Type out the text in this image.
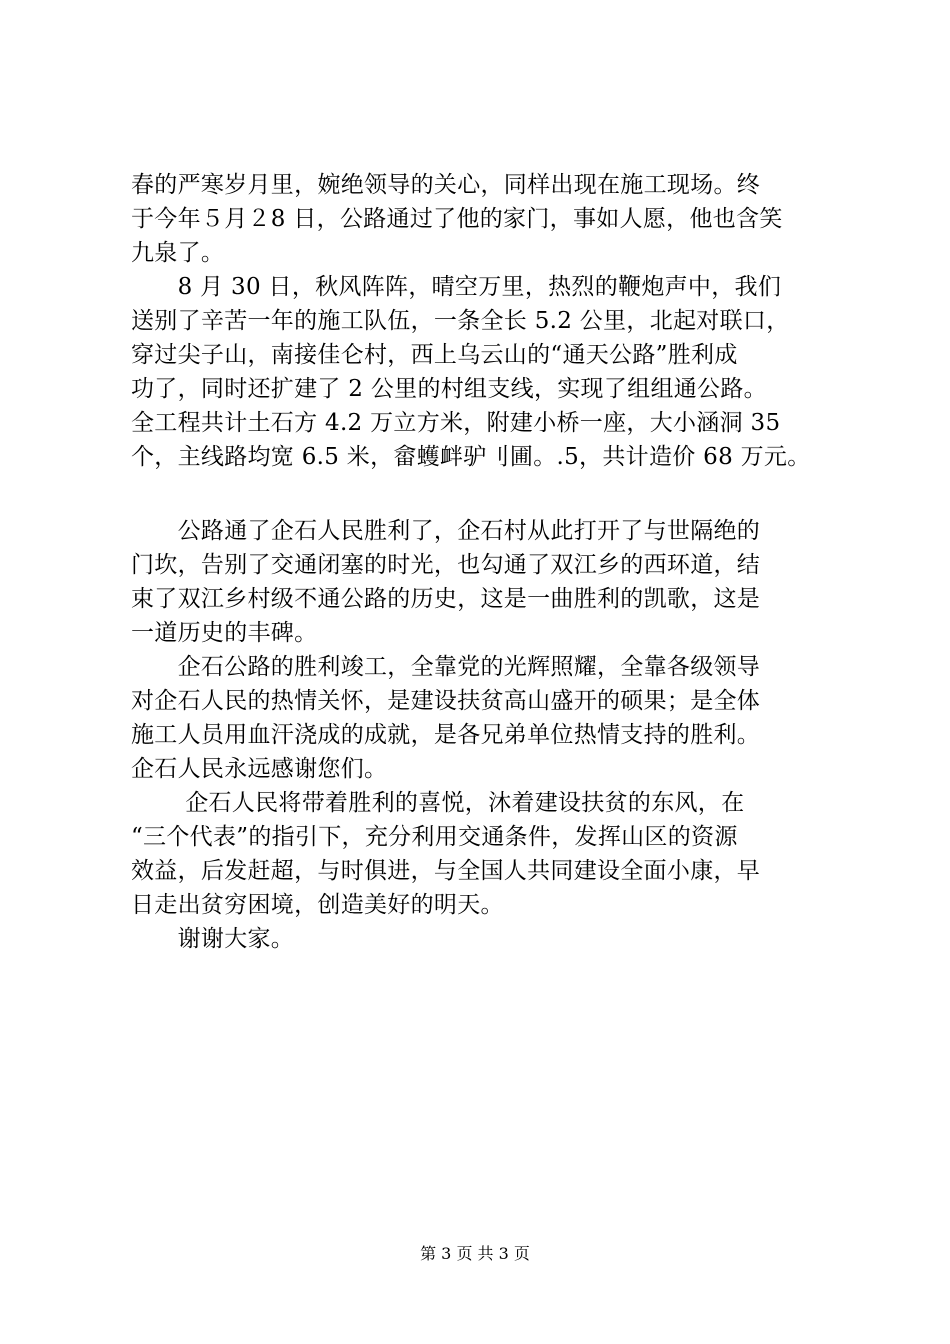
春的严寒岁月里，婉绝领导的关心，同样出现在施工现场。终
于今年５月２8 日，公路通过了他的家门，事如人愿，他也含笑
九泉了。
　　8 月 30 日，秋风阵阵，晴空万里，热烈的鞭炮声中，我们
送别了辛苦一年的施工队伍，一条全长 5.2 公里，北起对联口，
穿过尖子山，南接佳仑村，西上乌云山的“通天公路”胜利成
功了，同时还扩建了 2 公里的村组支线，实现了组组通公路。
全工程共计土石方 4.2 万立方米，附建小桥一座，大小涵洞 35
个，主线路均宽 6.5 米，畲蠖衅驴刂圃。.5，共计造价 68 万元。
　　公路通了企石人民胜利了，企石村从此打开了与世隔绝的
门坎，告别了交通闭塞的时光，也勾通了双江乡的西环道，结
束了双江乡村级不通公路的历史，这是一曲胜利的凯歌，这是
一道历史的丰碑。
　　企石公路的胜利竣工，全靠党的光辉照耀，全靠各级领导
对企石人民的热情关怀，是建设扶贫高山盛开的硕果；是全体
施工人员用血汗浇成的成就，是各兄弟单位热情支持的胜利。
企石人民永远感谢您们。
　　 企石人民将带着胜利的喜悦，沐着建设扶贫的东风，在
“三个代表”的指引下，充分利用交通条件，发挥山区的资源
效益，后发赶超，与时俱进，与全国人共同建设全面小康，早
日走出贫穷困境，创造美好的明天。
　　谢谢大家。
第 3 页 共 3 页
